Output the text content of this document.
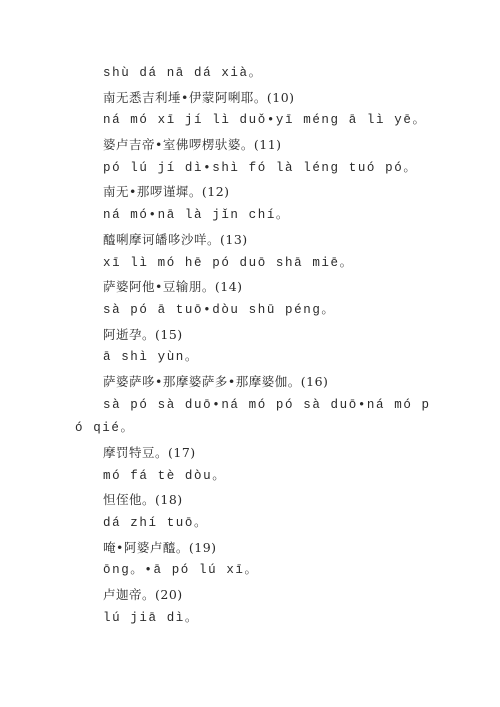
shù dá nā dá xià。
南无悉吉利埵•伊蒙阿唎耶。(10)
ná mó xī jí lì duǒ•yī méng ā lì yē。
婆卢吉帝•室佛啰楞驮婆。(11)
pó lú jí dì•shì fó là léng tuó pó。
南无•那啰谨墀。(12)
ná mó•nā là jǐn chí。
醯唎摩诃皤哆沙咩。(13)
xī lì mó hē pó duō shā miē。
萨婆阿他•豆输朋。(14)
sà pó ā tuō•dòu shū péng。
阿逝孕。(15)
ā shì yùn。
萨婆萨哆•那摩婆萨多•那摩婆伽。(16)
sà pó sà duō•ná mó pó sà duō•ná mó pó qié。
摩罚特豆。(17)
mó fá tè dòu。
怛侄他。(18)
dá zhí tuō。
唵•阿婆卢醯。(19)
ōng。•ā pó lú xī。
卢迦帝。(20)
lú jiā dì。
